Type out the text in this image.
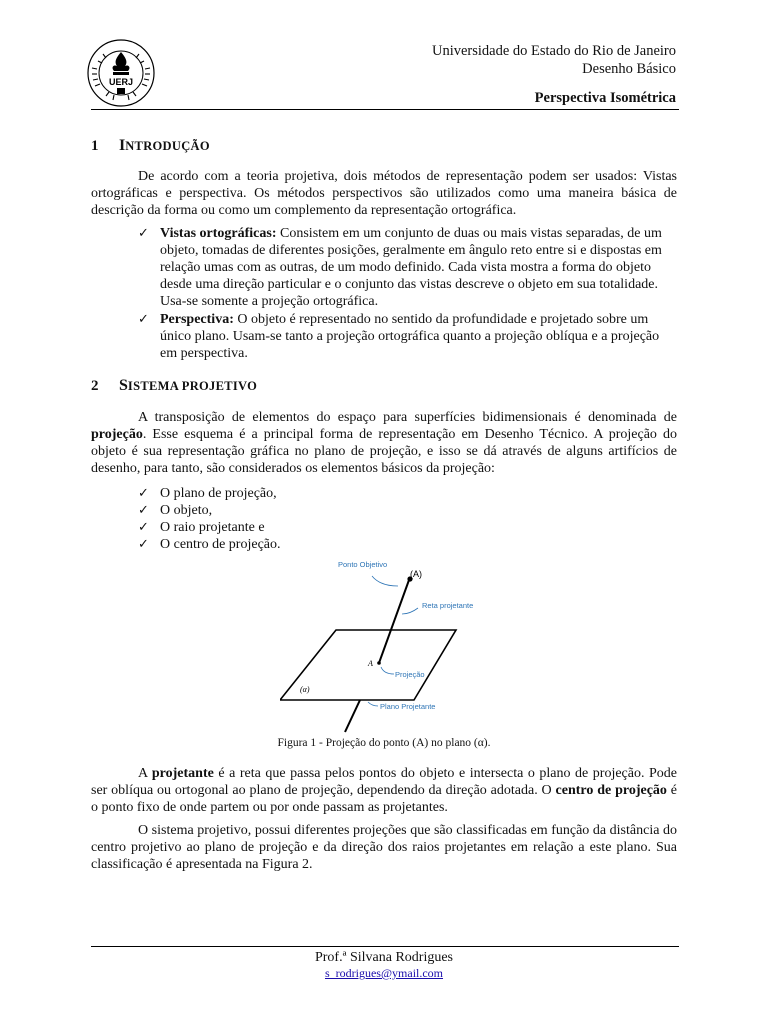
UERJ
Universidade do Estado do Rio de Janeiro
Desenho Básico
Perspectiva Isométrica
1 INTRODUÇÃO
De acordo com a teoria projetiva, dois métodos de representação podem ser usados: Vistas ortográficas e perspectiva. Os métodos perspectivos são utilizados como uma maneira básica de descrição da forma ou como um complemento da representação ortográfica.
✓ Vistas ortográficas: Consistem em um conjunto de duas ou mais vistas separadas, de um objeto, tomadas de diferentes posições, geralmente em ângulo reto entre si e dispostas em relação umas com as outras, de um modo definido. Cada vista mostra a forma do objeto desde uma direção particular e o conjunto das vistas descreve o objeto em sua totalidade. Usa-se somente a projeção ortográfica.
✓ Perspectiva: O objeto é representado no sentido da profundidade e projetado sobre um único plano. Usam-se tanto a projeção ortográfica quanto a projeção oblíqua e a projeção em perspectiva.
2 SISTEMA PROJETIVO
A transposição de elementos do espaço para superfícies bidimensionais é denominada de projeção. Esse esquema é a principal forma de representação em Desenho Técnico. A projeção do objeto é sua representação gráfica no plano de projeção, e isso se dá através de alguns artifícios de desenho, para tanto, são considerados os elementos básicos da projeção:
✓ O plano de projeção,
✓ O objeto,
✓ O raio projetante e
✓ O centro de projeção.
Ponto Objetivo
(A)
Reta projetante
A
Projeção
(α)
Plano Projetante
Figura 1 - Projeção do ponto (A) no plano (α).
A projetante é a reta que passa pelos pontos do objeto e intersecta o plano de projeção. Pode ser oblíqua ou ortogonal ao plano de projeção, dependendo da direção adotada. O centro de projeção é o ponto fixo de onde partem ou por onde passam as projetantes.
O sistema projetivo, possui diferentes projeções que são classificadas em função da distância do centro projetivo ao plano de projeção e da direção dos raios projetantes em relação a este plano. Sua classificação é apresentada na Figura 2.
Prof.ª Silvana Rodrigues
s_rodrigues@ymail.com
